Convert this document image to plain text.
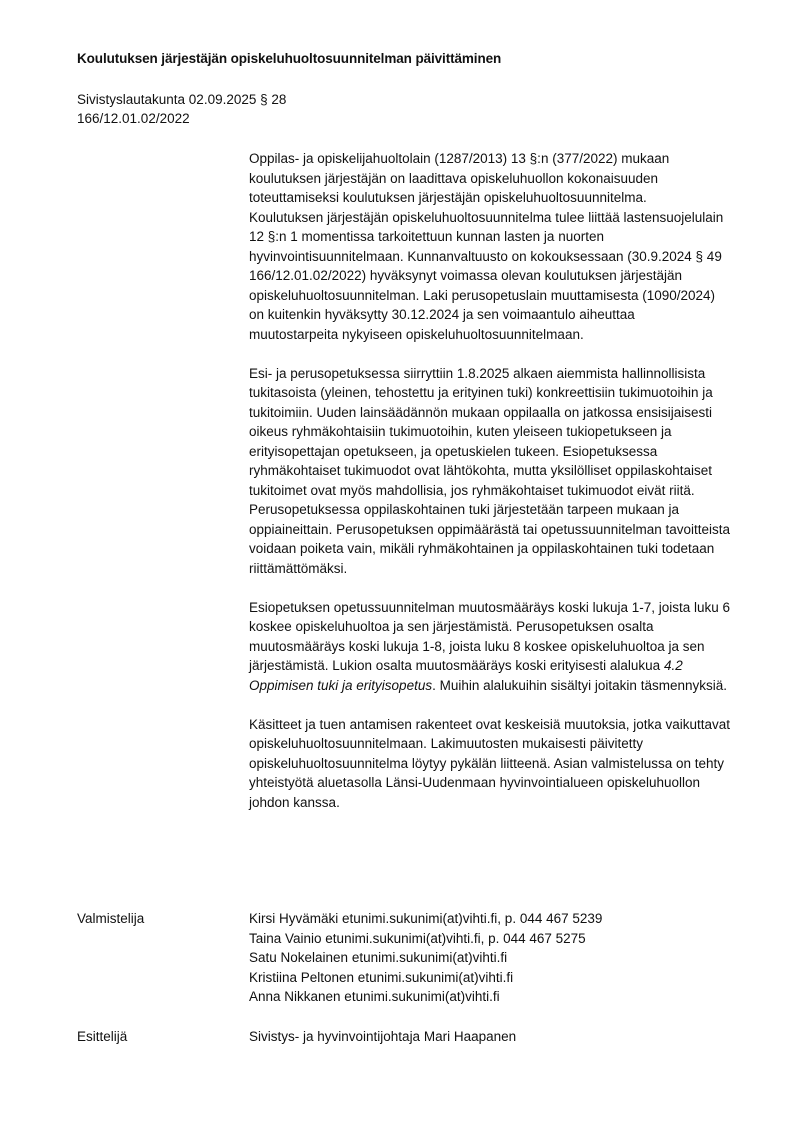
Koulutuksen järjestäjän opiskeluhuoltosuunnitelman päivittäminen
Sivistyslautakunta 02.09.2025 § 28
166/12.01.02/2022

Oppilas- ja opiskelijahuoltolain (1287/2013) 13 §:n (377/2022) mukaan koulutuksen järjestäjän on laadittava opiskeluhuollon kokonaisuuden toteuttamiseksi koulutuksen järjestäjän opiskeluhuoltosuunnitelma. Koulutuksen järjestäjän opiskeluhuoltosuunnitelma tulee liittää lastensuojelulain 12 §:n 1 momentissa tarkoitettuun kunnan lasten ja nuorten hyvinvointisuunnitelmaan. Kunnanvaltuusto on kokouksessaan (30.9.2024 § 49 166/12.01.02/2022) hyväksynyt voimassa olevan koulutuksen järjestäjän opiskeluhuoltosuunnitelman. Laki perusopetuslain muuttamisesta (1090/2024) on kuitenkin hyväksytty 30.12.2024 ja sen voimaantulo aiheuttaa muutostarpeita nykyiseen opiskeluhuoltosuunnitelmaan.

Esi- ja perusopetuksessa siirryttiin 1.8.2025 alkaen aiemmista hallinnollisista tukitasoista (yleinen, tehostettu ja erityinen tuki) konkreettisiin tukimuotoihin ja tukitoimiin. Uuden lainsäädännön mukaan oppilaalla on jatkossa ensisijaisesti oikeus ryhmäkohtaisiin tukimuotoihin, kuten yleiseen tukiopetukseen ja erityisopettajan opetukseen, ja opetuskielen tukeen. Esiopetuksessa ryhmäkohtaiset tukimuodot ovat lähtökohta, mutta yksilölliset oppilaskohtaiset tukitoimet ovat myös mahdollisia, jos ryhmäkohtaiset tukimuodot eivät riitä. Perusopetuksessa oppilaskohtainen tuki järjestetään tarpeen mukaan ja oppiaineittain. Perusopetuksen oppimäärästä tai opetussuunnitelman tavoitteista voidaan poiketa vain, mikäli ryhmäkohtainen ja oppilaskohtainen tuki todetaan riittämättömäksi.

Esiopetuksen opetussuunnitelman muutosmääräys koski lukuja 1-7, joista luku 6 koskee opiskeluhuoltoa ja sen järjestämistä. Perusopetuksen osalta muutosmääräys koski lukuja 1-8, joista luku 8 koskee opiskeluhuoltoa ja sen järjestämistä. Lukion osalta muutosmääräys koski erityisesti alalukua 4.2 Oppimisen tuki ja erityisopetus. Muihin alalukuihin sisältyi joitakin täsmennyksiä.

Käsitteet ja tuen antamisen rakenteet ovat keskeisiä muutoksia, jotka vaikuttavat opiskeluhuoltosuunnitelmaan. Lakimuutosten mukaisesti päivitetty opiskeluhuoltosuunnitelma löytyy pykälän liitteenä. Asian valmistelussa on tehty yhteistyötä aluetasolla Länsi-Uudenmaan hyvinvointialueen opiskeluhuollon johdon kanssa.

Valmistelija	Kirsi Hyvämäki etunimi.sukunimi(at)vihti.fi, p. 044 467 5239
Taina Vainio etunimi.sukunimi(at)vihti.fi, p. 044 467 5275
Satu Nokelainen etunimi.sukunimi(at)vihti.fi
Kristiina Peltonen etunimi.sukunimi(at)vihti.fi
Anna Nikkanen etunimi.sukunimi(at)vihti.fi
Esittelijä	Sivistys- ja hyvinvointijohtaja Mari Haapanen
